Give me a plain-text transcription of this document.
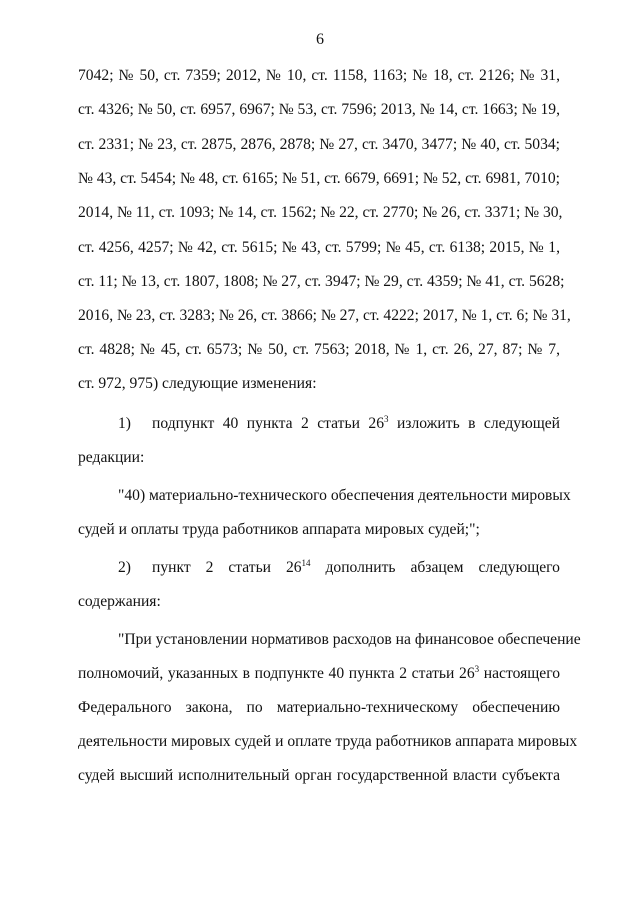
6
7042; № 50, ст. 7359; 2012, № 10, ст. 1158, 1163; № 18, ст. 2126; № 31,
ст. 4326; № 50, ст. 6957, 6967; № 53, ст. 7596; 2013, № 14, ст. 1663; № 19,
ст. 2331; № 23, ст. 2875, 2876, 2878; № 27, ст. 3470, 3477; № 40, ст. 5034;
№ 43, ст. 5454; № 48, ст. 6165; № 51, ст. 6679, 6691; № 52, ст. 6981, 7010;
2014, № 11, ст. 1093; № 14, ст. 1562; № 22, ст. 2770; № 26, ст. 3371; № 30,
ст. 4256, 4257; № 42, ст. 5615; № 43, ст. 5799; № 45, ст. 6138; 2015, № 1,
ст. 11; № 13, ст. 1807, 1808; № 27, ст. 3947; № 29, ст. 4359; № 41, ст. 5628;
2016, № 23, ст. 3283; № 26, ст. 3866; № 27, ст. 4222; 2017, № 1, ст. 6; № 31,
ст. 4828; № 45, ст. 6573; № 50, ст. 7563; 2018, № 1, ст. 26, 27, 87; № 7,
ст. 972, 975) следующие изменения:
1) подпункт 40 пункта 2 статьи $26^3$ изложить в следующей
редакции:
"40) материально-технического обеспечения деятельности мировых
судей и оплаты труда работников аппарата мировых судей;";
2) пункт 2 статьи $26^{14}$ дополнить абзацем следующего
содержания:
"При установлении нормативов расходов на финансовое обеспечение
полномочий, указанных в подпункте 40 пункта 2 статьи $26^3$ настоящего
Федерального закона, по материально-техническому обеспечению
деятельности мировых судей и оплате труда работников аппарата мировых
судей высший исполнительный орган государственной власти субъекта
